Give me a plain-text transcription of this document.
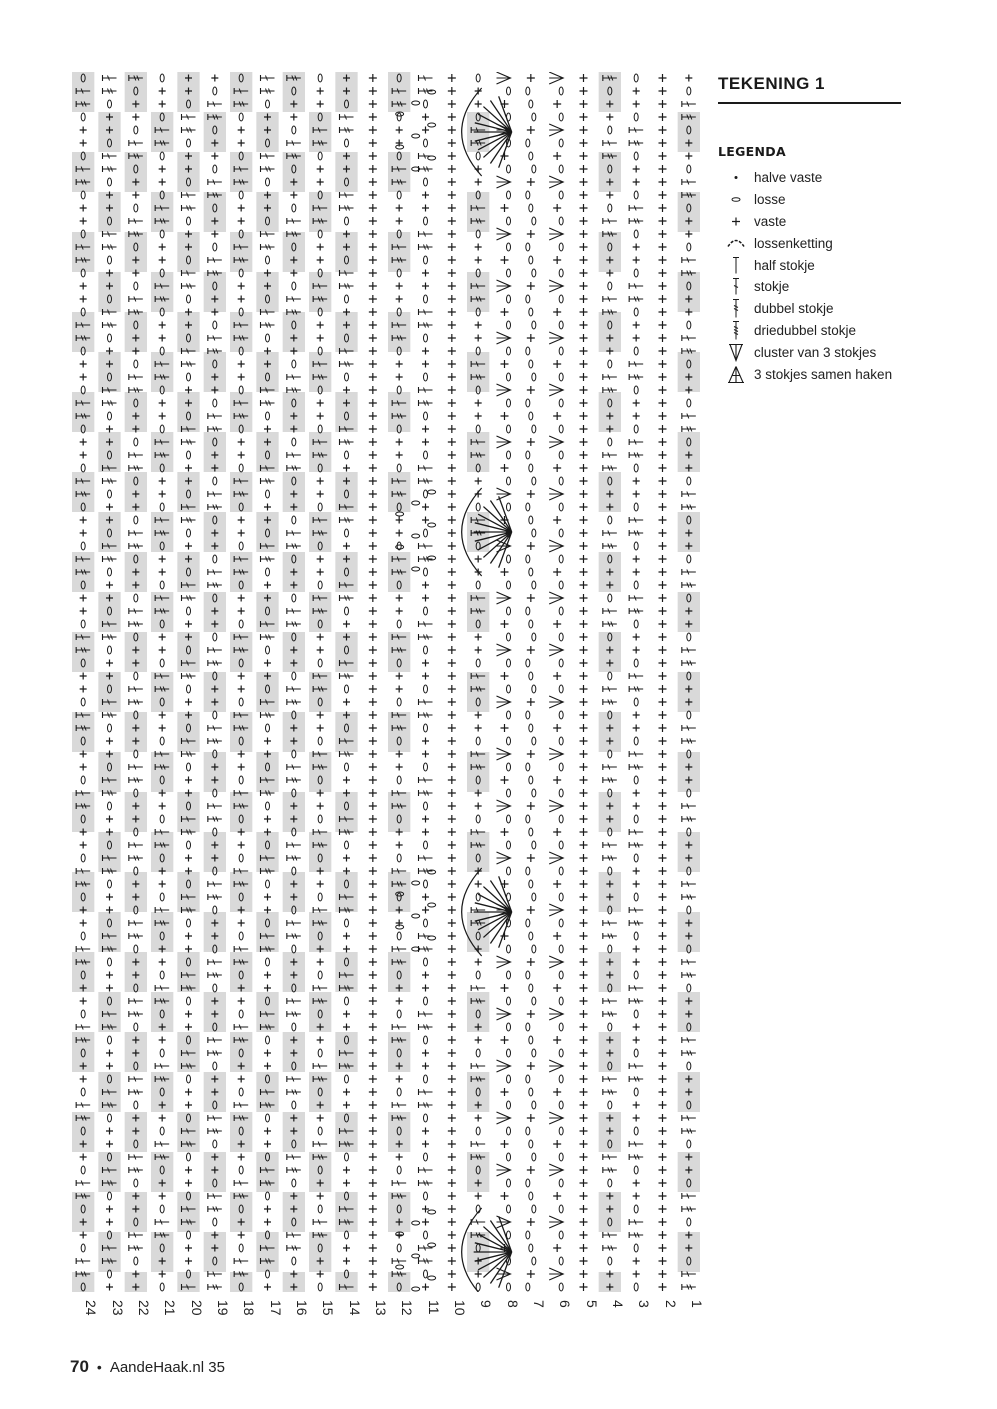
24 23 22 21 20 19 18 17 16 15 14 13 12 11 10 9 8 7 6 5 4 3 2 1
TEKENING 1
LEGENDA
halve vaste
losse
vaste
lossenketting
half stokje
stokje
dubbel stokje
driedubbel stokje
cluster van 3 stokjes
3 stokjes samen haken
70 • AandeHaak.nl 35
